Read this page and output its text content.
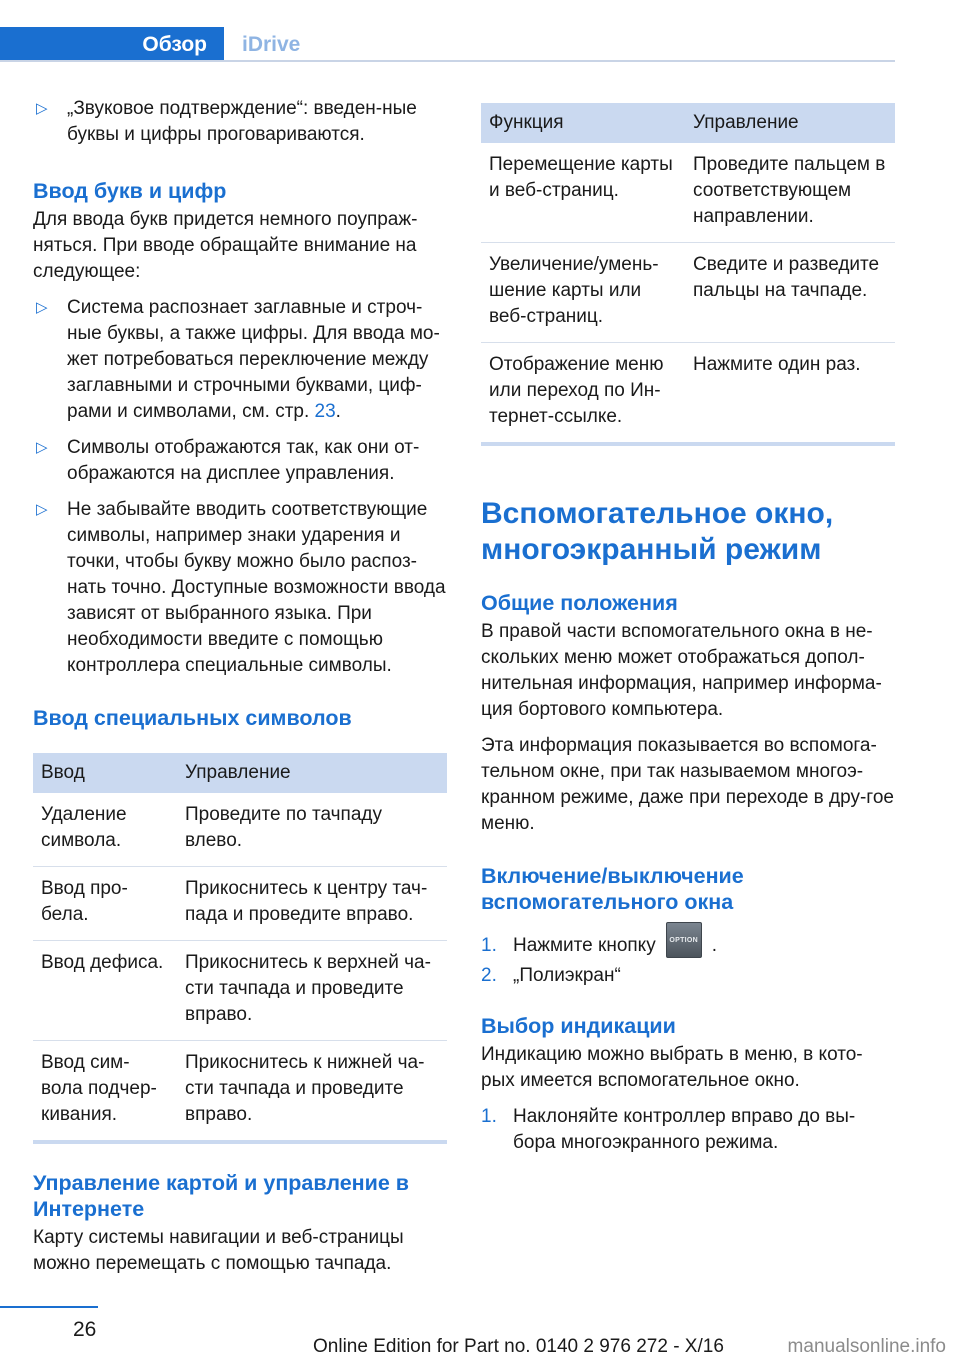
Обзор	iDrive
▷ „Звуковое подтверждение“: введен-ные буквы и цифры проговариваются.
Ввод букв и цифр

Для ввода букв придется немного поупраж-няться. При вводе обращайте внимание на следующее:

▷ Система распознает заглавные и строч-ные буквы, а также цифры. Для ввода мо-жет потребоваться переключение между заглавными и строчными буквами, циф-рами и символами, см. стр. 23.
▷ Символы отображаются так, как они от-ображаются на дисплее управления.
▷ Не забывайте вводить соответствующие символы, например знаки ударения и точки, чтобы букву можно было распоз-нать точно. Доступные возможности ввода зависят от выбранного языка. При необходимости введите с помощью контроллера специальные символы.
Ввод специальных символов
Ввод	Управление
Удаление символа.	Проведите по тачпаду влево.
Ввод про-бела.	Прикоснитесь к центру тач-пада и проведите вправо.
Ввод дефиса.	Прикоснитесь к верхней ча-сти тачпада и проведите вправо.
Ввод сим-вола подчер-кивания.	Прикоснитесь к нижней ча-сти тачпада и проведите вправо.
Управление картой и управление в Интернете

Карту системы навигации и веб-страницы можно перемещать с помощью тачпада.

Функция	Управление
Перемещение карты и веб-страниц.	Проведите пальцем в соответствующем направлении.
Увеличение/умень-шение карты или веб-страниц.	Сведите и разведите пальцы на тачпаде.
Отображение меню или переход по Ин-тернет-ссылке.	Нажмите один раз.
Вспомогательное окно, многоэкранный режим
Общие положения

В правой части вспомогательного окна в не-скольких меню может отображаться допол-нительная информация, например информа-ция бортового компьютера.

Эта информация показывается во вспомога-тельном окне, при так называемом многоэ-кранном режиме, даже при переходе в дру-гое меню.

Включение/выключение вспомогательного окна
1. Нажмите кнопку OPTION .
2. „Полиэкран“
Выбор индикации

Индикацию можно выбрать в меню, в кото-рых имеется вспомогательное окно.

1. Наклоняйте контроллер вправо до вы-бора многоэкранного режима.
26
Online Edition for Part no. 0140 2 976 272 - X/16	manualsonline.info
